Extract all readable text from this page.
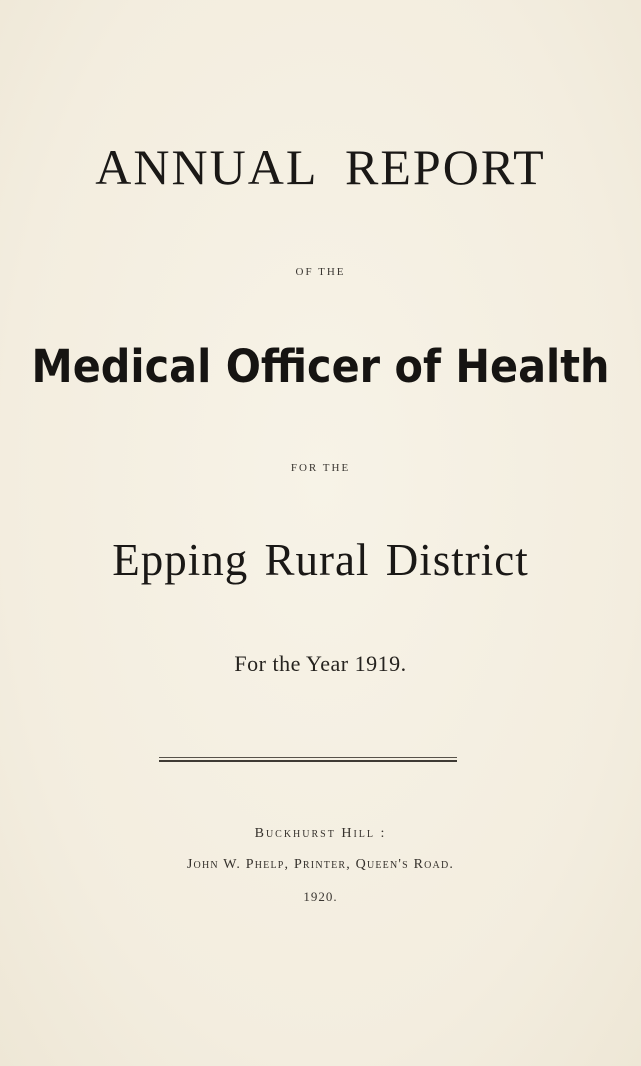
ANNUAL REPORT
OF THE
Medical Officer of Health
FOR THE
Epping Rural District
For the Year 1919.
Buckhurst Hill :
John W. Phelp, Printer, Queen's Road.
1920.
